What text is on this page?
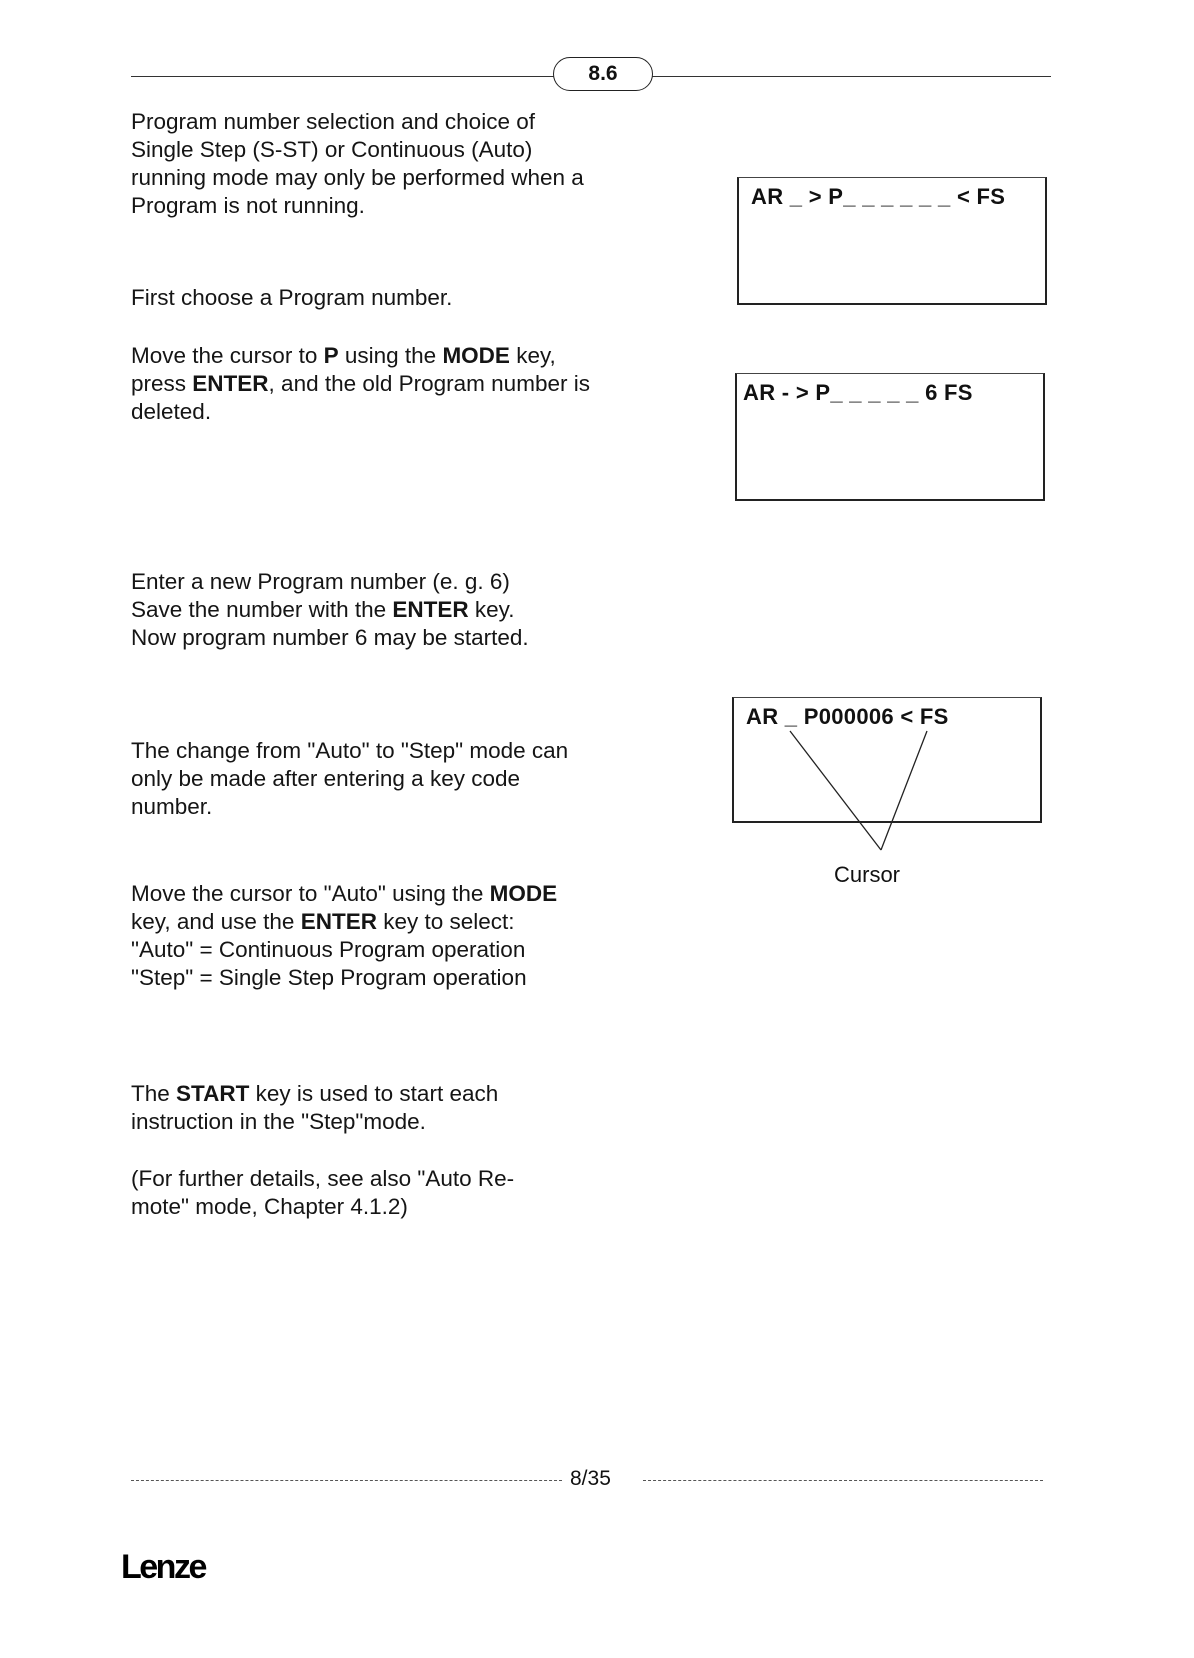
8.6

Program number selection and choice of Single Step (S-ST) or Continuous (Auto) running mode may only be performed when a Program is not running.

First choose a Program number.

Move the cursor to P using the MODE key, press ENTER, and the old Program number is deleted.

Enter a new Program number (e. g. 6)

Save the number with the ENTER key.

Now program number 6 may be started.

The change from "Auto" to "Step" mode can only be made after entering a key code number.

Move the cursor to "Auto" using the MODE key, and use the ENTER key to select:

"Auto" = Continuous Program operation

"Step" = Single Step Program operation

The START key is used to start each instruction in the "Step"mode.

(For further details, see also "Auto Re-mote" mode, Chapter 4.1.2)

AR _ > P_ _ _ _ _ _ < FS
AR - > P_ _ _ _ _ 6 FS
AR _ P000006 < FS
Cursor
8/35
Lenze
